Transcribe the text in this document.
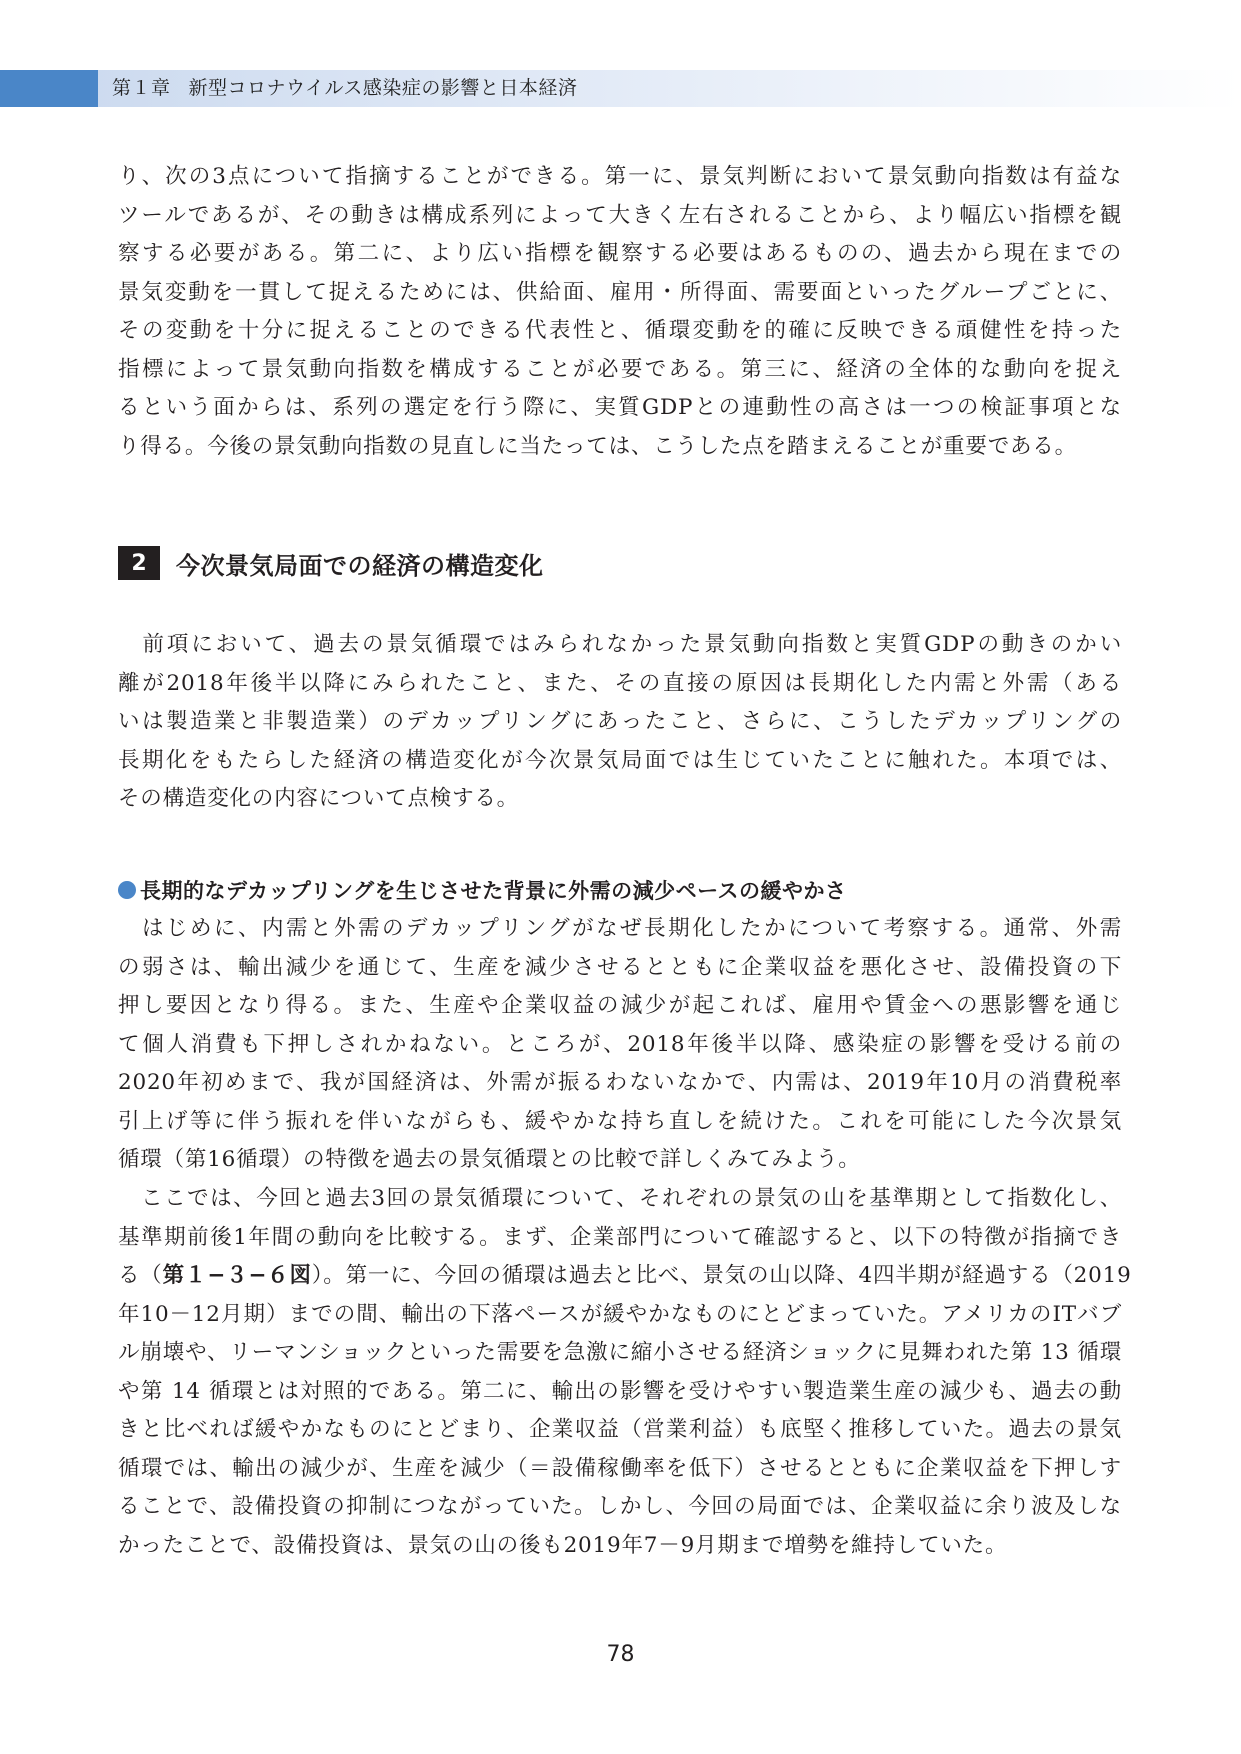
第１章 新型コロナウイルス感染症の影響と日本経済
り、次の3点について指摘することができる。第一に、景気判断において景気動向指数は有益な
ツールであるが、その動きは構成系列によって大きく左右されることから、より幅広い指標を観
察する必要がある。第二に、より広い指標を観察する必要はあるものの、過去から現在までの
景気変動を一貫して捉えるためには、供給面、雇用・所得面、需要面といったグループごとに、
その変動を十分に捉えることのできる代表性と、循環変動を的確に反映できる頑健性を持った
指標によって景気動向指数を構成することが必要である。第三に、経済の全体的な動向を捉え
るという面からは、系列の選定を行う際に、実質GDPとの連動性の高さは一つの検証事項とな
り得る。今後の景気動向指数の見直しに当たっては、こうした点を踏まえることが重要である。
2	今次景気局面での経済の構造変化
　前項において、過去の景気循環ではみられなかった景気動向指数と実質GDPの動きのかい
離が2018年後半以降にみられたこと、また、その直接の原因は長期化した内需と外需（ある
いは製造業と非製造業）のデカップリングにあったこと、さらに、こうしたデカップリングの
長期化をもたらした経済の構造変化が今次景気局面では生じていたことに触れた。本項では、
その構造変化の内容について点検する。
長期的なデカップリングを生じさせた背景に外需の減少ペースの緩やかさ
　はじめに、内需と外需のデカップリングがなぜ長期化したかについて考察する。通常、外需
の弱さは、輸出減少を通じて、生産を減少させるとともに企業収益を悪化させ、設備投資の下
押し要因となり得る。また、生産や企業収益の減少が起これば、雇用や賃金への悪影響を通じ
て個人消費も下押しされかねない。ところが、2018年後半以降、感染症の影響を受ける前の
2020年初めまで、我が国経済は、外需が振るわないなかで、内需は、2019年10月の消費税率
引上げ等に伴う振れを伴いながらも、緩やかな持ち直しを続けた。これを可能にした今次景気
循環（第16循環）の特徴を過去の景気循環との比較で詳しくみてみよう。
　ここでは、今回と過去3回の景気循環について、それぞれの景気の山を基準期として指数化し、
基準期前後1年間の動向を比較する。まず、企業部門について確認すると、以下の特徴が指摘でき
る（第１−３−６図）。第一に、今回の循環は過去と比べ、景気の山以降、4四半期が経過する（2019
年10－12月期）までの間、輸出の下落ペースが緩やかなものにとどまっていた。アメリカのITバブ
ル崩壊や、リーマンショックといった需要を急激に縮小させる経済ショックに見舞われた第 13 循環
や第 14 循環とは対照的である。第二に、輸出の影響を受けやすい製造業生産の減少も、過去の動
きと比べれば緩やかなものにとどまり、企業収益（営業利益）も底堅く推移していた。過去の景気
循環では、輸出の減少が、生産を減少（＝設備稼働率を低下）させるとともに企業収益を下押しす
ることで、設備投資の抑制につながっていた。しかし、今回の局面では、企業収益に余り波及しな
かったことで、設備投資は、景気の山の後も2019年7－9月期まで増勢を維持していた。
78
